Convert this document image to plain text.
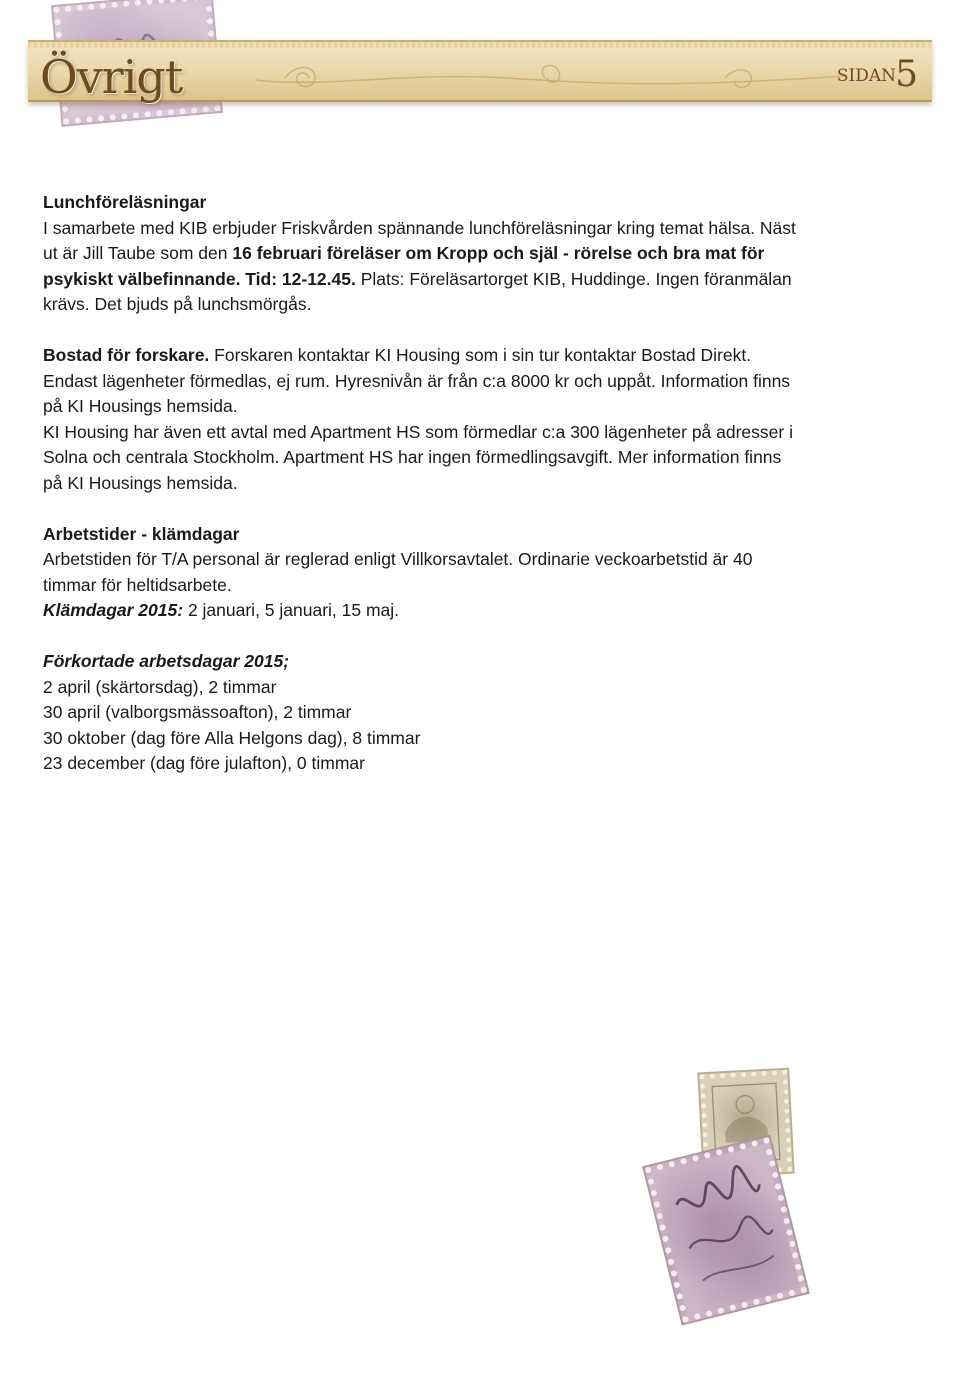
Övrigt	SIDAN 5
Lunchföreläsningar
I samarbete med KIB erbjuder Friskvården spännande lunchföreläsningar kring temat hälsa. Näst
ut är Jill Taube som den 16 februari föreläser om Kropp och själ - rörelse och bra mat för
psykiskt välbefinnande. Tid: 12-12.45. Plats: Föreläsartorget KIB, Huddinge. Ingen föranmälan
krävs. Det bjuds på lunchsmörgås.
Bostad för forskare. Forskaren kontaktar KI Housing som i sin tur kontaktar Bostad Direkt.
Endast lägenheter förmedlas, ej rum. Hyresnivån är från c:a 8000 kr och uppåt. Information finns
på KI Housings hemsida.
KI Housing har även ett avtal med Apartment HS som förmedlar c:a 300 lägenheter på adresser i
Solna och centrala Stockholm. Apartment HS har ingen förmedlingsavgift. Mer information finns
på KI Housings hemsida.
Arbetstider - klämdagar
Arbetstiden för T/A personal är reglerad enligt Villkorsavtalet. Ordinarie veckoarbetstid är 40
timmar för heltidsarbete.
Klämdagar 2015: 2 januari, 5 januari, 15 maj.
Förkortade arbetsdagar 2015;
2 april (skärtorsdag), 2 timmar
30 april (valborgsmässoafton), 2 timmar
30 oktober (dag före Alla Helgons dag), 8 timmar
23 december (dag före julafton), 0 timmar
